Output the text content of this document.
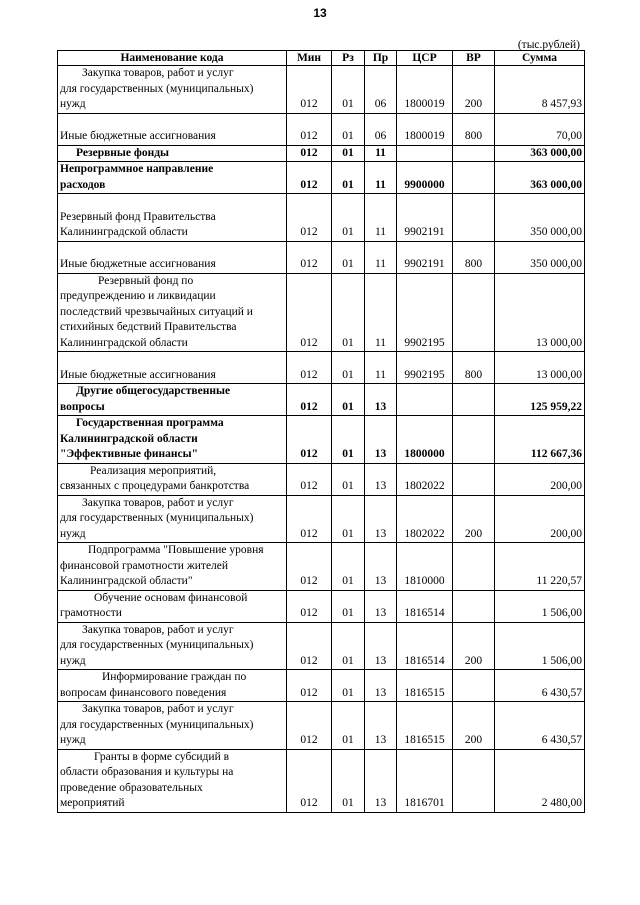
13
(тыс.рублей)
Наименование кода	Мин	Рз	Пр	ЦСР	ВР	Сумма
Закупка товаров, работ и услуг
для государственных (муниципальных)
нужд	012	01	06	1800019	200	8 457,93

Иные бюджетные ассигнования	012	01	06	1800019	800	70,00
Резервные фонды	012	01	11			363 000,00
Непрограммное направление
расходов	012	01	11	9900000		363 000,00

Резервный фонд Правительства
Калининградской области	012	01	11	9902191		350 000,00

Иные бюджетные ассигнования	012	01	11	9902191	800	350 000,00
Резервный фонд по
предупреждению и ликвидации
последствий чрезвычайных ситуаций и
стихийных бедствий Правительства
Калининградской области	012	01	11	9902195		13 000,00

Иные бюджетные ассигнования	012	01	11	9902195	800	13 000,00
Другие общегосударственные
вопросы	012	01	13			125 959,22
Государственная программа
Калининградской области
"Эффективные финансы"	012	01	13	1800000		112 667,36
Реализация мероприятий,
связанных с процедурами банкротства	012	01	13	1802022		200,00
Закупка товаров, работ и услуг
для государственных (муниципальных)
нужд	012	01	13	1802022	200	200,00
Подпрограмма "Повышение уровня
финансовой грамотности жителей
Калининградской области"	012	01	13	1810000		11 220,57
Обучение основам финансовой
грамотности	012	01	13	1816514		1 506,00
Закупка товаров, работ и услуг
для государственных (муниципальных)
нужд	012	01	13	1816514	200	1 506,00
Информирование граждан по
вопросам финансового поведения	012	01	13	1816515		6 430,57
Закупка товаров, работ и услуг
для государственных (муниципальных)
нужд	012	01	13	1816515	200	6 430,57
Гранты в форме субсидий в
области образования и культуры на
проведение образовательных
мероприятий	012	01	13	1816701		2 480,00
